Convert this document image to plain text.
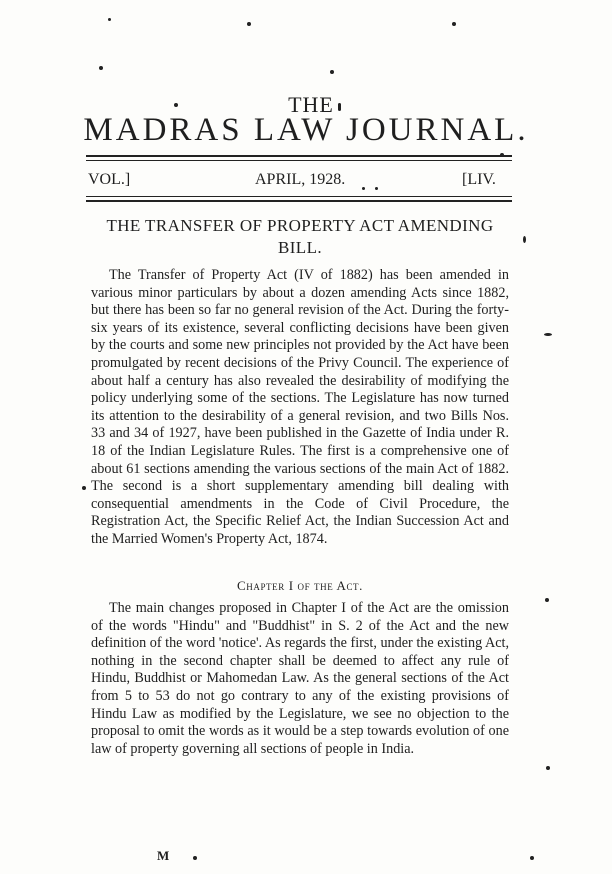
THE
MADRAS LAW JOURNAL.
VOL.]	APRIL, 1928.	[LIV.
THE TRANSFER OF PROPERTY ACT AMENDING BILL.

The Transfer of Property Act (IV of 1882) has been amended in various minor particulars by about a dozen amending Acts since 1882, but there has been so far no general revision of the Act. During the forty-six years of its existence, several conflicting decisions have been given by the courts and some new principles not provided by the Act have been promulgated by recent decisions of the Privy Council. The experience of about half a century has also revealed the desirability of modifying the policy underlying some of the sections. The Legislature has now turned its attention to the desirability of a general revision, and two Bills Nos. 33 and 34 of 1927, have been published in the Gazette of India under R. 18 of the Indian Legislature Rules. The first is a comprehensive one of about 61 sections amending the various sections of the main Act of 1882. The second is a short supplementary amending bill dealing with consequential amendments in the Code of Civil Procedure, the Registration Act, the Specific Relief Act, the Indian Succession Act and the Married Women's Property Act, 1874.

Chapter I of the Act.

The main changes proposed in Chapter I of the Act are the omission of the words "Hindu" and "Buddhist" in S. 2 of the Act and the new definition of the word 'notice'. As regards the first, under the existing Act, nothing in the second chapter shall be deemed to affect any rule of Hindu, Buddhist or Mahomedan Law. As the general sections of the Act from 5 to 53 do not go contrary to any of the existing provisions of Hindu Law as modified by the Legislature, we see no objection to the proposal to omit the words as it would be a step towards evolution of one law of property governing all sections of people in India.

M
